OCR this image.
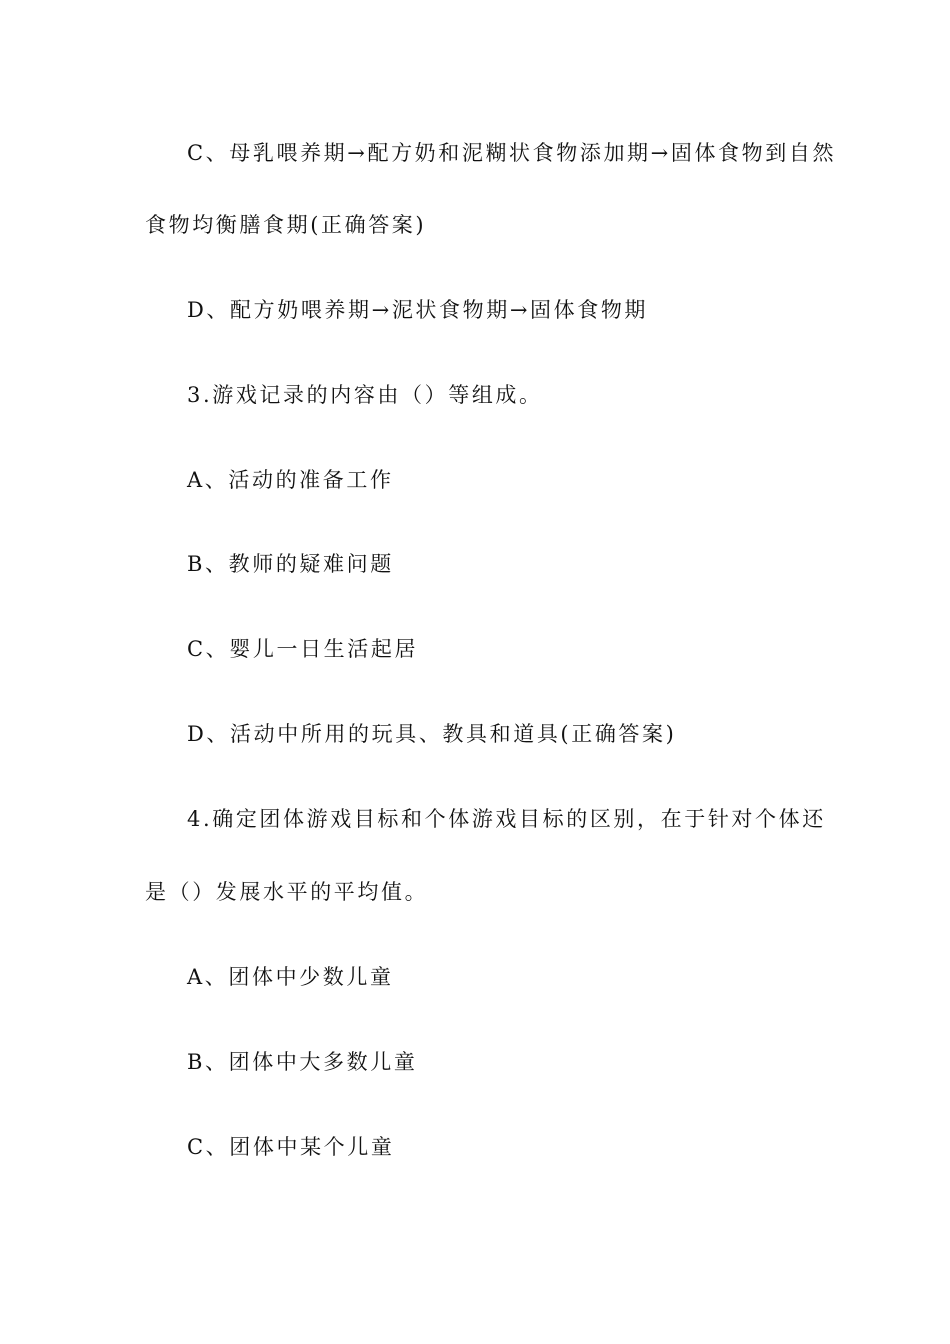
C、母乳喂养期→配方奶和泥糊状食物添加期→固体食物到自然
食物均衡膳食期(正确答案)
D、配方奶喂养期→泥状食物期→固体食物期
3.游戏记录的内容由（）等组成。
A、活动的准备工作
B、教师的疑难问题
C、婴儿一日生活起居
D、活动中所用的玩具、教具和道具(正确答案)
4.确定团体游戏目标和个体游戏目标的区别，在于针对个体还
是（）发展水平的平均值。
A、团体中少数儿童
B、团体中大多数儿童
C、团体中某个儿童
